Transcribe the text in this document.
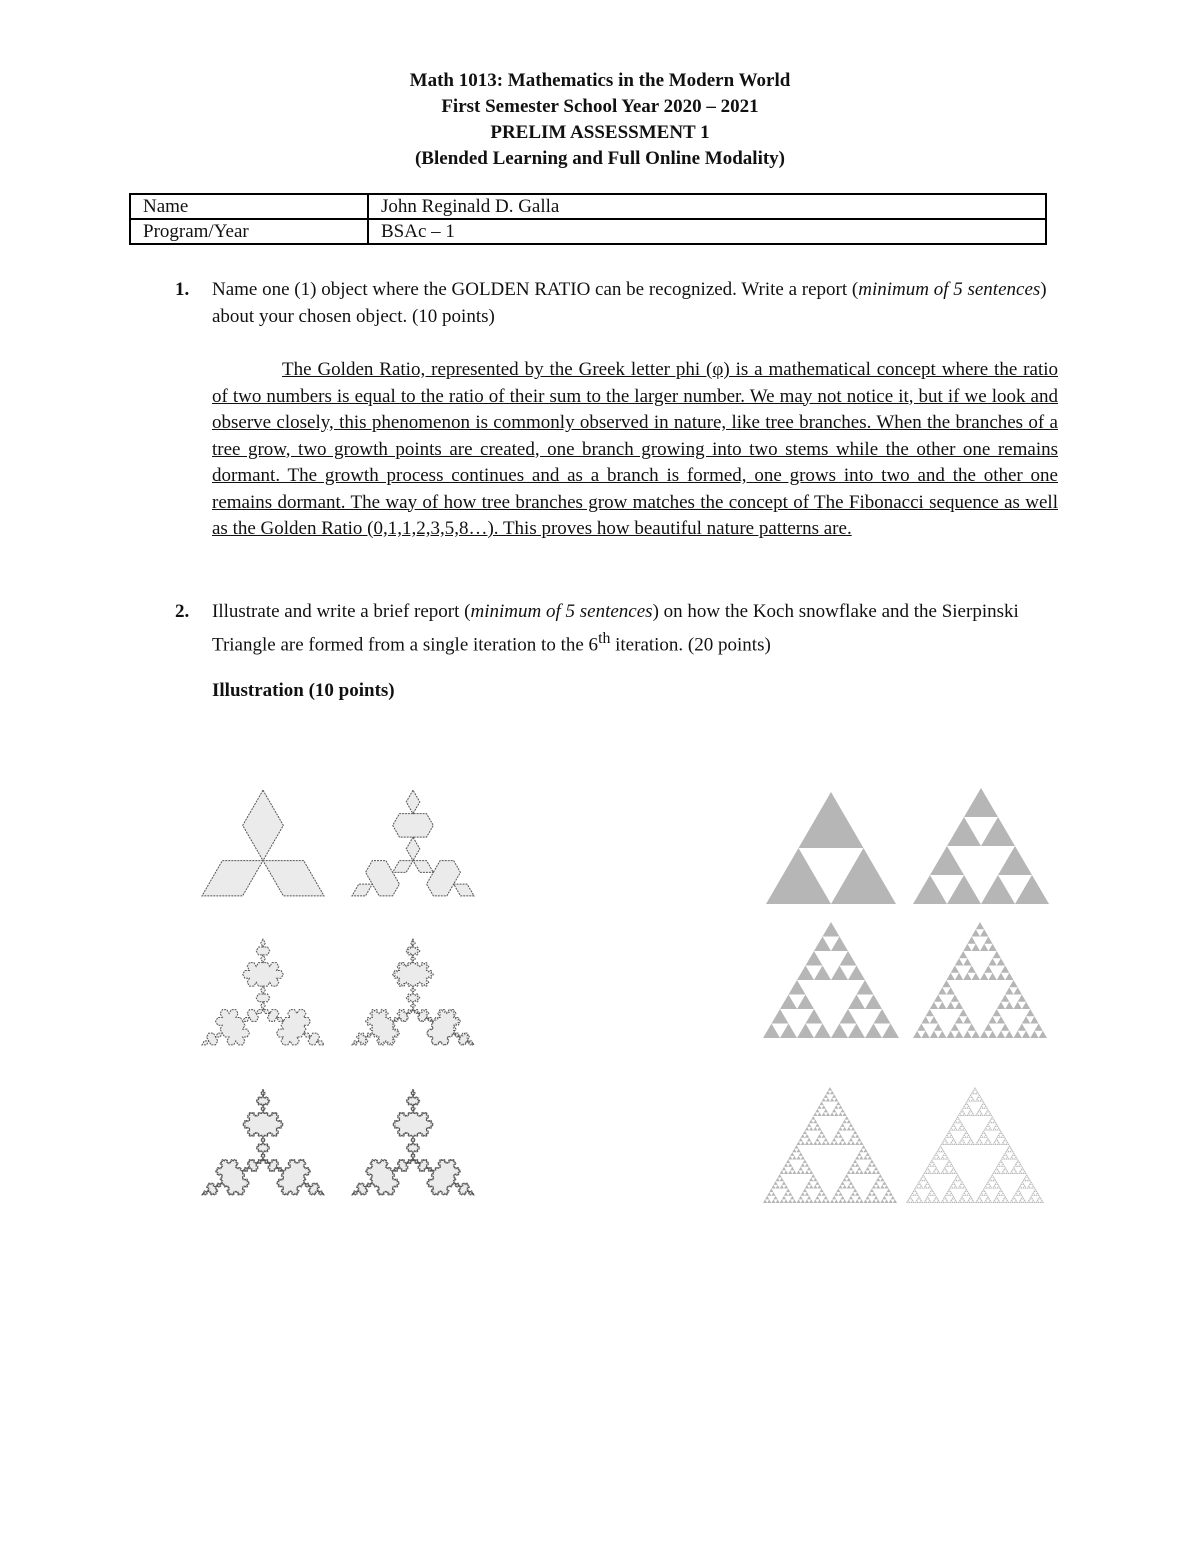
Math 1013: Mathematics in the Modern World
First Semester School Year 2020 – 2021
PRELIM ASSESSMENT 1
(Blended Learning and Full Online Modality)
Name	John Reginald D. Galla
Program/Year	BSAc – 1
1. Name one (1) object where the GOLDEN RATIO can be recognized. Write a report (minimum of 5 sentences) about your chosen object. (10 points)
The Golden Ratio, represented by the Greek letter phi (φ) is a mathematical concept where the ratio of two numbers is equal to the ratio of their sum to the larger number. We may not notice it, but if we look and observe closely, this phenomenon is commonly observed in nature, like tree branches. When the branches of a tree grow, two growth points are created, one branch growing into two stems while the other one remains dormant. The growth process continues and as a branch is formed, one grows into two and the other one remains dormant. The way of how tree branches grow matches the concept of The Fibonacci sequence as well as the Golden Ratio (0,1,1,2,3,5,8…). This proves how beautiful nature patterns are.
2. Illustrate and write a brief report (minimum of 5 sentences) on how the Koch snowflake and the Sierpinski Triangle are formed from a single iteration to the 6th iteration. (20 points)
Illustration (10 points)
